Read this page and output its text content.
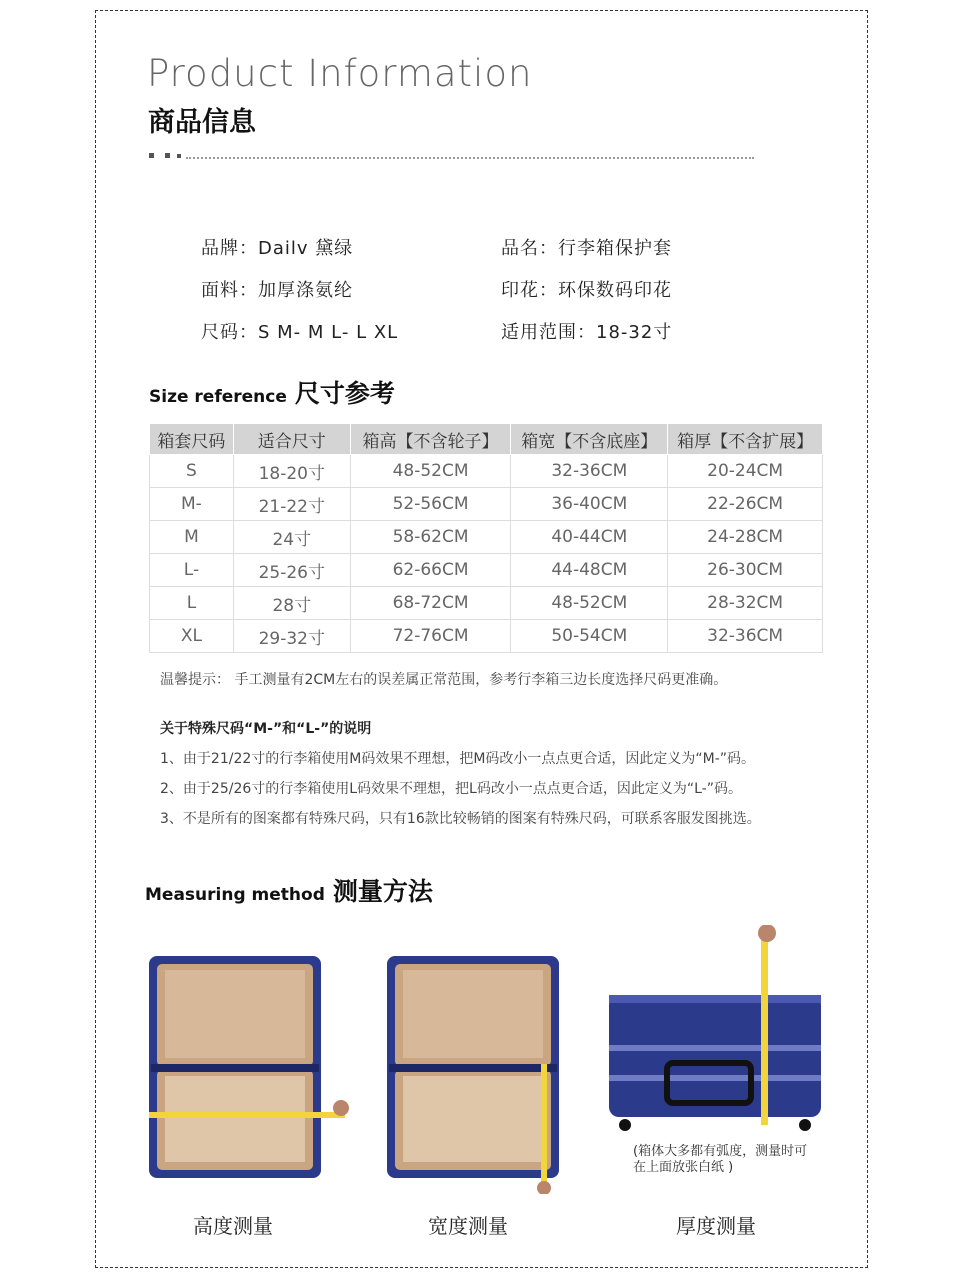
Product Information
商品信息
品牌：Dailv 黛绿	品名：行李箱保护套
面料：加厚涤氨纶	印花：环保数码印花
尺码：S M- M L- L XL	适用范围：18-32寸
Size reference 尺寸参考
箱套尺码	适合尺寸	箱高【不含轮子】	箱宽【不含底座】	箱厚【不含扩展】
S	18-20寸	48-52CM	32-36CM	20-24CM
M-	21-22寸	52-56CM	36-40CM	22-26CM
M	24寸	58-62CM	40-44CM	24-28CM
L-	25-26寸	62-66CM	44-48CM	26-30CM
L	28寸	68-72CM	48-52CM	28-32CM
XL	29-32寸	72-76CM	50-54CM	32-36CM
温馨提示： 手工测量有2CM左右的误差属正常范围，参考行李箱三边长度选择尺码更准确。
关于特殊尺码“M-”和“L-”的说明
1、由于21/22寸的行李箱使用M码效果不理想，把M码改小一点点更合适，因此定义为“M-”码。
2、由于25/26寸的行李箱使用L码效果不理想，把L码改小一点点更合适，因此定义为“L-”码。
3、不是所有的图案都有特殊尺码，只有16款比较畅销的图案有特殊尺码，可联系客服发图挑选。
Measuring method 测量方法
(箱体大多都有弧度，测量时可
在上面放张白纸 )
高度测量	宽度测量	厚度测量
